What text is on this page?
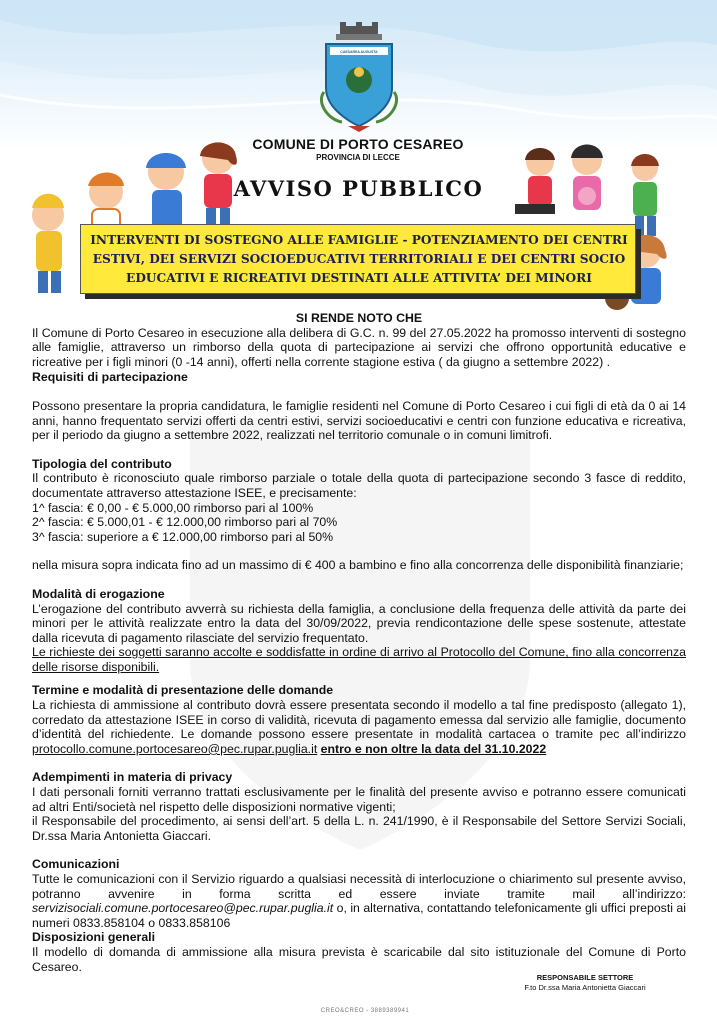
CAESAREA AUGUSTA
COMUNE DI PORTO CESAREO
PROVINCIA DI LECCE
AVVISO PUBBLICO
INTERVENTI DI SOSTEGNO ALLE FAMIGLIE - POTENZIAMENTO DEI CENTRI
ESTIVI, DEI SERVIZI SOCIOEDUCATIVI TERRITORIALI E DEI CENTRI SOCIO
EDUCATIVI E RICREATIVI DESTINATI ALLE ATTIVITA’ DEI MINORI

SI RENDE NOTO CHE

Il Comune di Porto Cesareo in esecuzione alla delibera di G.C. n. 99 del 27.05.2022 ha promosso interventi di sostegno alle famiglie, attraverso un rimborso della quota di partecipazione ai servizi che offrono opportunità educative e ricreative per i figli minori (0 -14 anni), offerti nella corrente stagione estiva ( da giugno a settembre 2022) .

Requisiti di partecipazione

Possono presentare la propria candidatura, le famiglie residenti nel Comune di Porto Cesareo i cui figli di età da 0 ai 14 anni, hanno frequentato servizi offerti da centri estivi, servizi socioeducativi e centri con funzione educativa e ricreativa, per il periodo da giugno a settembre 2022, realizzati nel territorio comunale o in comuni limitrofi.

Tipologia del contributo

Il contributo è riconosciuto quale rimborso parziale o totale della quota di partecipazione secondo 3 fasce di reddito, documentate attraverso attestazione ISEE, e precisamente:

1^ fascia: € 0,00 - € 5.000,00 rimborso pari al 100%

2^ fascia: € 5.000,01 - € 12.000,00 rimborso pari al 70%

3^ fascia: superiore a € 12.000,00 rimborso pari al 50%

nella misura sopra indicata fino ad un massimo di € 400 a bambino e fino alla concorrenza delle disponibilità finanziarie;

Modalità di erogazione

L’erogazione del contributo avverrà su richiesta della famiglia, a conclusione della frequenza delle attività da parte dei minori per le attività realizzate entro la data del 30/09/2022, previa rendicontazione delle spese sostenute, attestate dalla ricevuta di pagamento rilasciate del servizio frequentato.

Le richieste dei soggetti saranno accolte e soddisfatte in ordine di arrivo al Protocollo del Comune, fino alla concorrenza delle risorse disponibili.

Termine e modalità di presentazione delle domande

La richiesta di ammissione al contributo dovrà essere presentata secondo il modello a tal fine predisposto (allegato 1), corredato da attestazione ISEE in corso di validità, ricevuta di pagamento emessa dal servizio alle famiglie, documento d’identità del richiedente. Le domande possono essere presentate in modalità cartacea o tramite pec all’indirizzo protocollo.comune.portocesareo@pec.rupar.puglia.it entro e non oltre la data del 31.10.2022

Adempimenti in materia di privacy

I dati personali forniti verranno trattati esclusivamente per le finalità del presente avviso e potranno essere comunicati ad altri Enti/società nel rispetto delle disposizioni normative vigenti;

il Responsabile del procedimento, ai sensi dell’art. 5 della L. n. 241/1990, è il Responsabile del Settore Servizi Sociali, Dr.ssa Maria Antonietta Giaccari.

Comunicazioni

Tutte le comunicazioni con il Servizio riguardo a qualsiasi necessità di interlocuzione o chiarimento sul presente avviso, potranno avvenire in forma scritta ed essere inviate tramite mail all’indirizzo: servizisociali.comune.portocesareo@pec.rupar.puglia.it o, in alternativa, contattando telefonicamente gli uffici preposti ai numeri 0833.858104 o 0833.858106

Disposizioni generali

Il modello di domanda di ammissione alla misura prevista è scaricabile dal sito istituzionale del Comune di Porto Cesareo.

RESPONSABILE SETTORE
F.to Dr.ssa Maria Antonietta Giaccari
CREO&CREO - 3889389941
